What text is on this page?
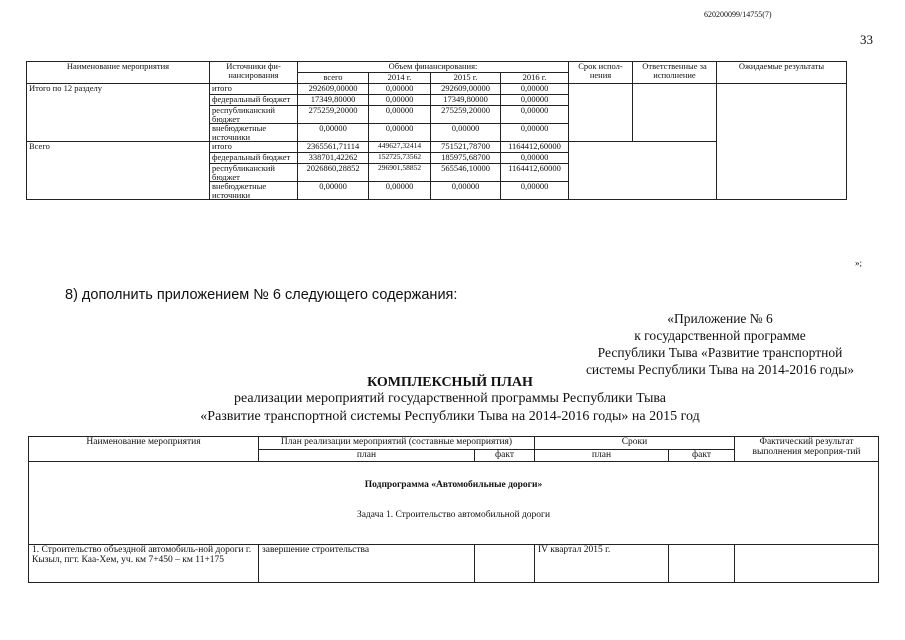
620200099/14755(7)
33
Наименование мероприятия	Источники фи-нансирования	Объем финансирования:				Срок испол-нения	Ответственные за исполнение	Ожидаемые результаты
		всего	2014 г.	2015 г.	2016 г.			
Итого по 12 разделу	итого	292609,00000	0,00000	292609,00000	0,00000			
	федеральный бюджет	17349,80000	0,00000	17349,80000	0,00000			
	республиканский бюджет	275259,20000	0,00000	275259,20000	0,00000			
	внебюджетные источники	0,00000	0,00000	0,00000	0,00000			
Всего	итого	2365561,71114	449627,32414	751521,78700	1164412,60000			
	федеральный бюджет	338701,42262	152725,73562	185975,68700	0,00000			
	республиканский бюджет	2026860,28852	296901,58852	565546,10000	1164412,60000			
	внебюджетные источники	0,00000	0,00000	0,00000	0,00000			
»;
8) дополнить приложением № 6 следующего содержания:
«Приложение № 6
к государственной программе
Республики Тыва «Развитие транспортной
системы Республики Тыва на 2014-2016 годы»
КОМПЛЕКСНЫЙ ПЛАН
реализации мероприятий государственной программы Республики Тыва
«Развитие транспортной системы Республики Тыва на 2014-2016 годы» на 2015 год
Наименование мероприятия	План реализации мероприятий (составные мероприятия)		Сроки		Фактический результат выполнения мероприя-тий
	план	факт	план	факт	

Подпрограмма «Автомобильные дороги»
Задача 1. Строительство автомобильной дороги					

1. Строительство объездной автомобиль-ной дороги г. Кызыл, пгт. Каа-Хем, уч. км 7+450 – км 11+175	завершение строительства		IV квартал 2015 г.		
